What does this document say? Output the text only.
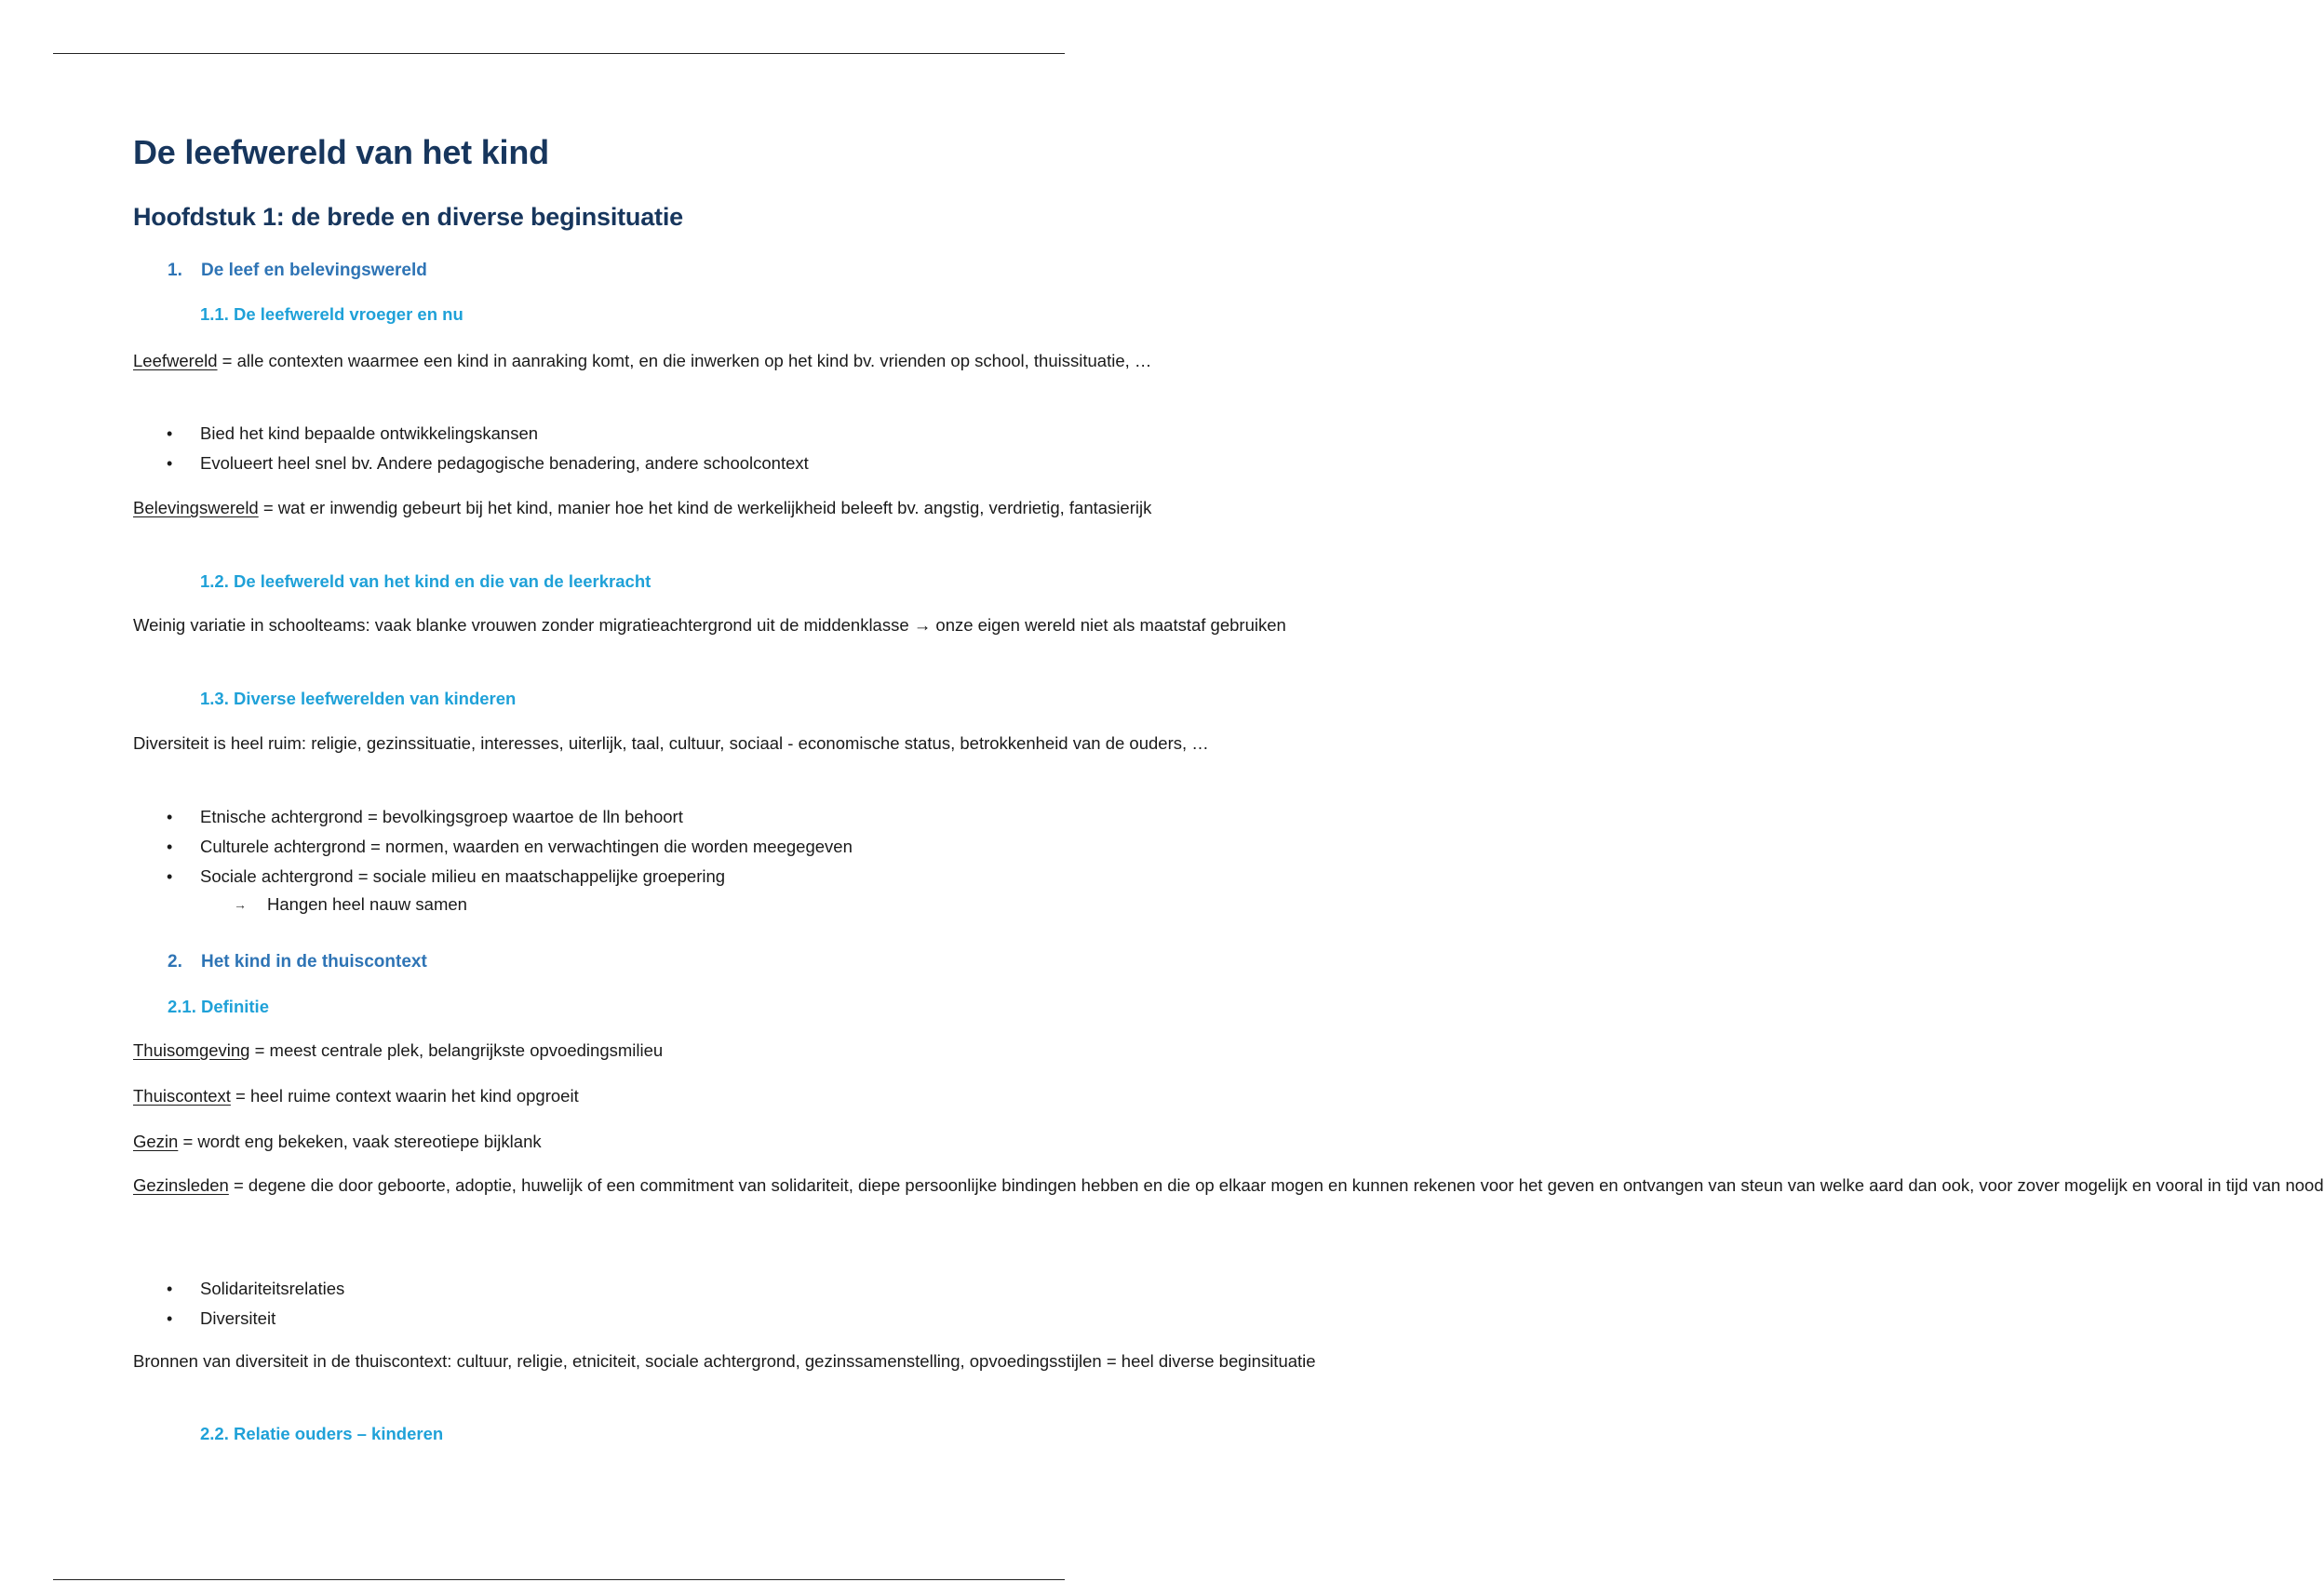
De leefwereld van het kind
Hoofdstuk 1: de brede en diverse beginsituatie
1. De leef en belevingswereld
1.1. De leefwereld vroeger en nu

Leefwereld = alle contexten waarmee een kind in aanraking komt, en die inwerken op het kind bv. vrienden op school, thuissituatie, …

• Bied het kind bepaalde ontwikkelingskansen
• Evolueert heel snel bv. Andere pedagogische benadering, andere schoolcontext

Belevingswereld = wat er inwendig gebeurt bij het kind, manier hoe het kind de werkelijkheid beleeft bv. angstig, verdrietig, fantasierijk

1.2. De leefwereld van het kind en die van de leerkracht

Weinig variatie in schoolteams: vaak blanke vrouwen zonder migratieachtergrond uit de middenklasse → onze eigen wereld niet als maatstaf gebruiken

1.3. Diverse leefwerelden van kinderen

Diversiteit is heel ruim: religie, gezinssituatie, interesses, uiterlijk, taal, cultuur, sociaal - economische status, betrokkenheid van de ouders, …

• Etnische achtergrond = bevolkingsgroep waartoe de lln behoort
• Culturele achtergrond = normen, waarden en verwachtingen die worden meegegeven
• Sociale achtergrond = sociale milieu en maatschappelijke groepering
→ Hangen heel nauw samen
2. Het kind in de thuiscontext
2.1. Definitie

Thuisomgeving = meest centrale plek, belangrijkste opvoedingsmilieu

Thuiscontext = heel ruime context waarin het kind opgroeit

Gezin = wordt eng bekeken, vaak stereotiepe bijklank

Gezinsleden = degene die door geboorte, adoptie, huwelijk of een commitment van solidariteit, diepe persoonlijke bindingen hebben en die op elkaar mogen en kunnen rekenen voor het geven en ontvangen van steun van welke aard dan ook, voor zover mogelijk en vooral in tijd van nood

• Solidariteitsrelaties
• Diversiteit

Bronnen van diversiteit in de thuiscontext: cultuur, religie, etniciteit, sociale achtergrond, gezinssamenstelling, opvoedingsstijlen = heel diverse beginsituatie

2.2. Relatie ouders – kinderen
